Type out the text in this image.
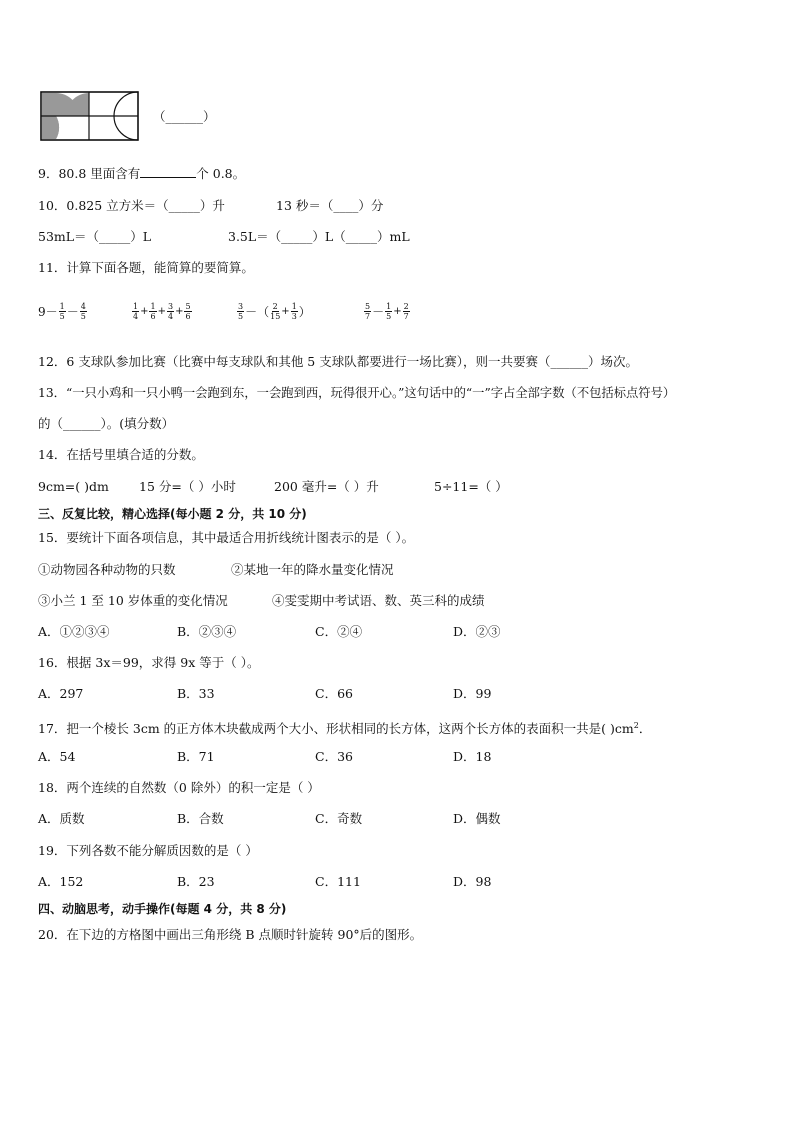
（______）
9．80.8 里面含有	个 0.8。
10．0.825 立方米＝（_____）升	13 秒＝（____）分
53mL＝（_____）L	3.5L＝（_____）L（_____）mL
11．计算下面各题，能简算的要简算。
$9- \frac{1}{5} - \frac{4}{5}$	$\frac{1}{4} + \frac{1}{6} + \frac{3}{4} + \frac{5}{6}$	$\frac{3}{5}$ －（ $\frac{2}{15} + \frac{1}{3}$ ）	$\frac{5}{7} - \frac{1}{5} + \frac{2}{7}$
12．6 支球队参加比赛（比赛中每支球队和其他 5 支球队都要进行一场比赛），则一共要赛（______）场次。
13．“一只小鸡和一只小鸭一会跑到东，一会跑到西，玩得很开心。”这句话中的“一”字占全部字数（不包括标点符号）
的（______）。(填分数）
14．在括号里填合适的分数。
9cm=( )dm 15 分=（ ）小时	200 毫升=（ ）升	5÷11=（ ）
三、反复比较，精心选择(每小题 2 分，共 10 分)
15．要统计下面各项信息，其中最适合用折线统计图表示的是（ ）。
①动物园各种动物的只数	②某地一年的降水量变化情况
③小兰 1 至 10 岁体重的变化情况	④雯雯期中考试语、数、英三科的成绩
A．①②③④	B．②③④	C．②④	D．②③
16．根据 3x＝99，求得 9x 等于（ ）。
A．297	B．33	C．66	D．99
17．把一个棱长 3cm 的正方体木块截成两个大小、形状相同的长方体，这两个长方体的表面积一共是( )$cm^2$．
A．54	B．71	C．36	D．18
18．两个连续的自然数（0 除外）的积一定是（ ）
A．质数	B．合数	C．奇数	D．偶数
19．下列各数不能分解质因数的是（ ）
A．152	B．23	C．111	D．98
四、动脑思考，动手操作(每题 4 分，共 8 分)
20．在下边的方格图中画出三角形绕 B 点顺时针旋转 90°后的图形。
